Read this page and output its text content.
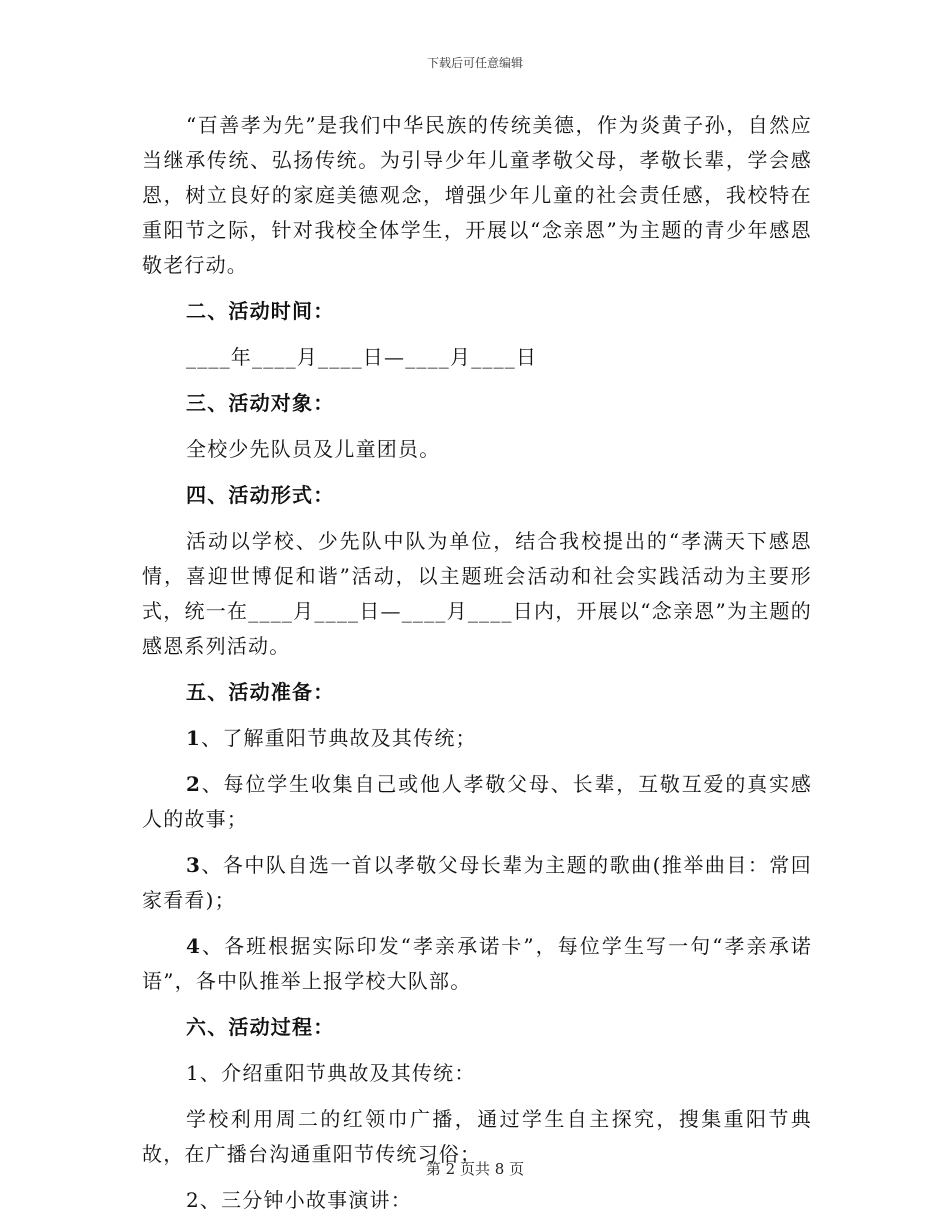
下载后可任意编辑

“百善孝为先”是我们中华民族的传统美德，作为炎黄子孙，自然应当继承传统、弘扬传统。为引导少年儿童孝敬父母，孝敬长辈，学会感恩，树立良好的家庭美德观念，增强少年儿童的社会责任感，我校特在重阳节之际，针对我校全体学生，开展以“念亲恩”为主题的青少年感恩敬老行动。

二、活动时间：

____年____月____日—____月____日

三、活动对象：

全校少先队员及儿童团员。

四、活动形式：

活动以学校、少先队中队为单位，结合我校提出的“孝满天下感恩情，喜迎世博促和谐”活动，以主题班会活动和社会实践活动为主要形式，统一在____月____日—____月____日内，开展以“念亲恩”为主题的感恩系列活动。

五、活动准备：

1、了解重阳节典故及其传统；

2、每位学生收集自己或他人孝敬父母、长辈，互敬互爱的真实感人的故事；

3、各中队自选一首以孝敬父母长辈为主题的歌曲(推举曲目：常回家看看)；

4、各班根据实际印发“孝亲承诺卡”，每位学生写一句“孝亲承诺语”，各中队推举上报学校大队部。

六、活动过程：

1、介绍重阳节典故及其传统：

学校利用周二的红领巾广播，通过学生自主探究，搜集重阳节典故，在广播台沟通重阳节传统习俗；

2、三分钟小故事演讲：

第 2 页共 8 页
